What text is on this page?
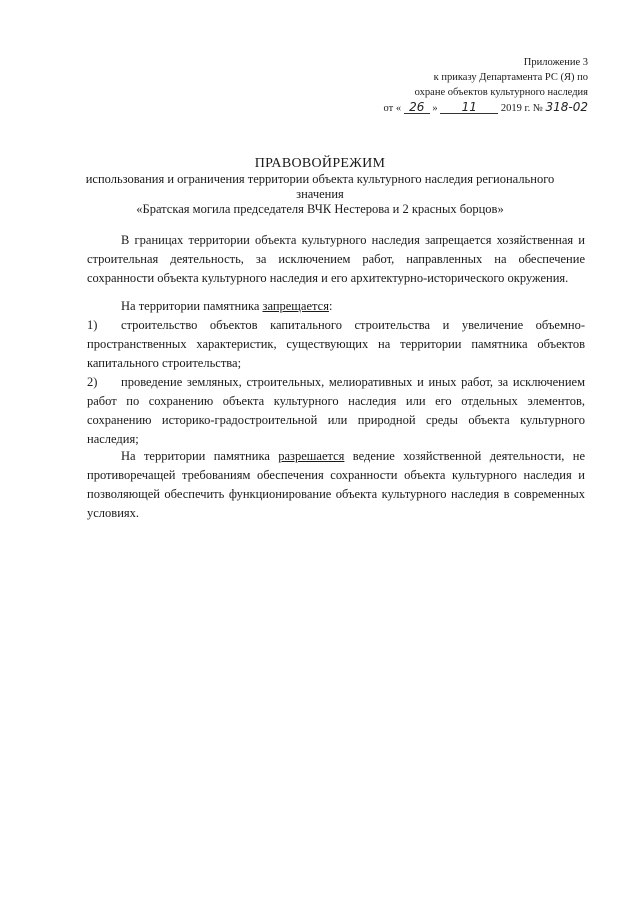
Приложение 3
к приказу Департамента РС (Я) по
охране объектов культурного наследия
от « 26 » 11 2019 г. № 318-02
ПРАВОВОЙРЕЖИМ
использования и ограничения территории объекта культурного наследия регионального
значения
«Братская могила председателя ВЧК Нестерова и 2 красных борцов»

В границах территории объекта культурного наследия запрещается хозяйственная и строительная деятельность, за исключением работ, направленных на обеспечение сохранности объекта культурного наследия и его архитектурно-исторического окружения.

На территории памятника запрещается:

1) строительство объектов капитального строительства и увеличение объемно-пространственных характеристик, существующих на территории памятника объектов капитального строительства;

2) проведение земляных, строительных, мелиоративных и иных работ, за исключением работ по сохранению объекта культурного наследия или его отдельных элементов, сохранению историко-градостроительной или природной среды объекта культурного наследия;

На территории памятника разрешается ведение хозяйственной деятельности, не противоречащей требованиям обеспечения сохранности объекта культурного наследия и позволяющей обеспечить функционирование объекта культурного наследия в современных условиях.
